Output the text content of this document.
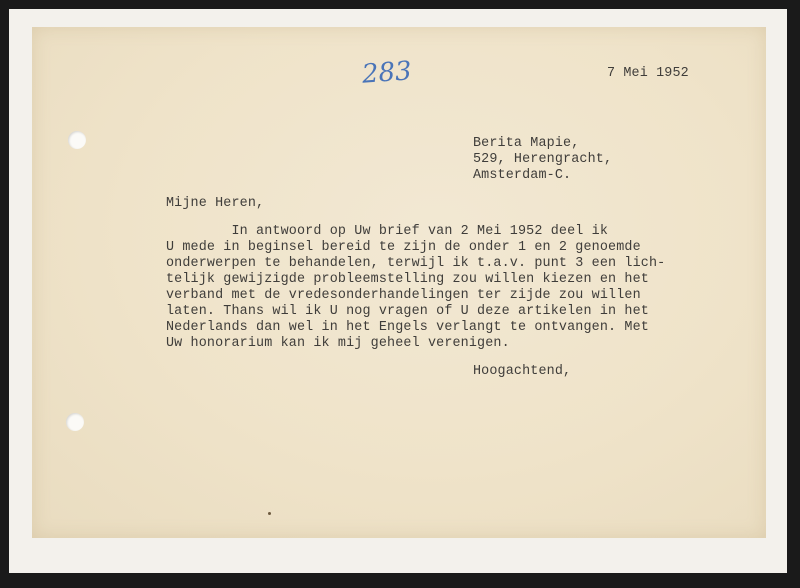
283	7 Mei 1952
Berita Mapie,
529, Herengracht,
Amsterdam-C.
Mijne Heren,
In antwoord op Uw brief van 2 Mei 1952 deel ik
U mede in beginsel bereid te zijn de onder 1 en 2 genoemde
onderwerpen te behandelen, terwijl ik t.a.v. punt 3 een lich-
telijk gewijzigde probleemstelling zou willen kiezen en het
verband met de vredesonderhandelingen ter zijde zou willen
laten. Thans wil ik U nog vragen of U deze artikelen in het
Nederlands dan wel in het Engels verlangt te ontvangen. Met
Uw honorarium kan ik mij geheel verenigen.
Hoogachtend,
